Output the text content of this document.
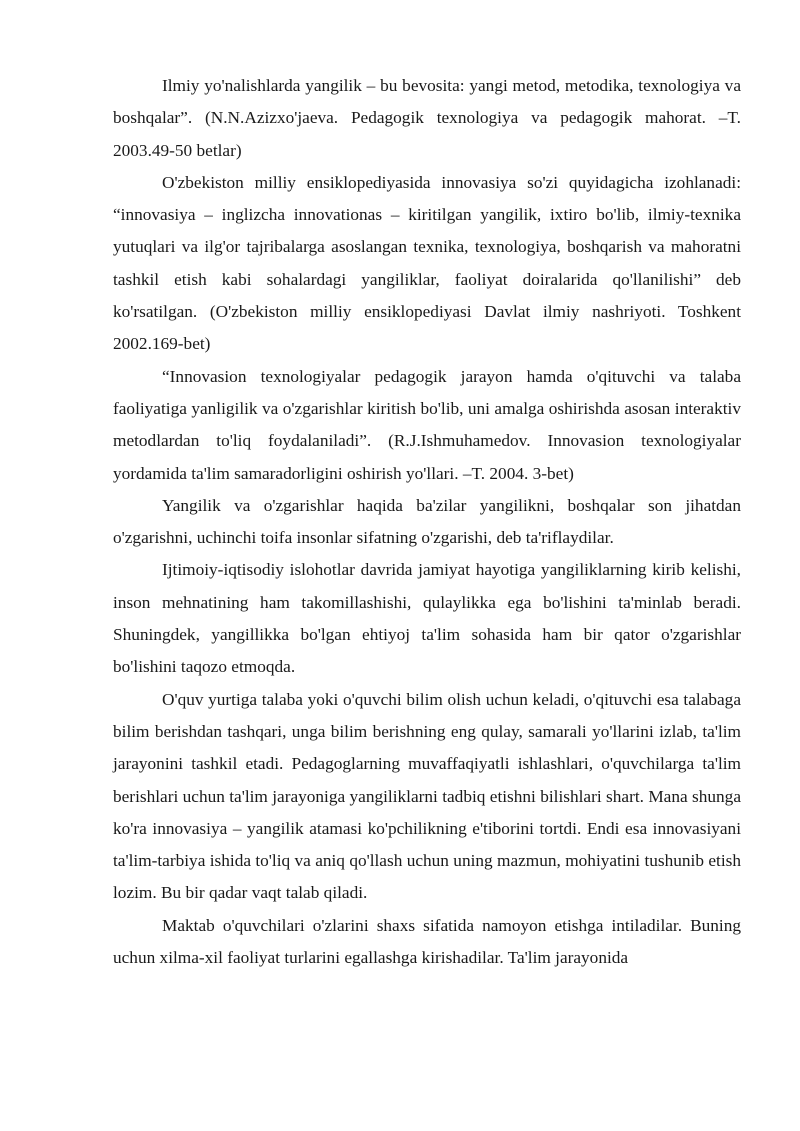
Ilmiy yo'nalishlarda yangilik – bu bevosita: yangi metod, metodika, texnologiya va boshqalar”. (N.N.Azizxo'jaeva. Pedagogik texnologiya va pedagogik mahorat. –T. 2003.49-50 betlar)

O'zbekiston milliy ensiklopediyasida innovasiya so'zi quyidagicha izohlanadi: “innovasiya – inglizcha innovationas – kiritilgan yangilik, ixtiro bo'lib, ilmiy-texnika yutuqlari va ilg'or tajribalarga asoslangan texnika, texnologiya, boshqarish va mahoratni tashkil etish kabi sohalardagi yangiliklar, faoliyat doiralarida qo'llanilishi” deb ko'rsatilgan. (O'zbekiston milliy ensiklopediyasi Davlat ilmiy nashriyoti. Toshkent 2002.169-bet)

“Innovasion texnologiyalar pedagogik jarayon hamda o'qituvchi va talaba faoliyatiga yanligilik va o'zgarishlar kiritish bo'lib, uni amalga oshirishda asosan interaktiv metodlardan to'liq foydalaniladi”. (R.J.Ishmuhamedov. Innovasion texnologiyalar yordamida ta'lim samaradorligini oshirish yo'llari. –T. 2004. 3-bet)

Yangilik va o'zgarishlar haqida ba'zilar yangilikni, boshqalar son jihatdan o'zgarishni, uchinchi toifa insonlar sifatning o'zgarishi, deb ta'riflaydilar.

Ijtimoiy-iqtisodiy islohotlar davrida jamiyat hayotiga yangiliklarning kirib kelishi, inson mehnatining ham takomillashishi, qulaylikka ega bo'lishini ta'minlab beradi. Shuningdek, yangillikka bo'lgan ehtiyoj ta'lim sohasida ham bir qator o'zgarishlar bo'lishini taqozo etmoqda.

O'quv yurtiga talaba yoki o'quvchi bilim olish uchun keladi, o'qituvchi esa talabaga bilim berishdan tashqari, unga bilim berishning eng qulay, samarali yo'llarini izlab, ta'lim jarayonini tashkil etadi. Pedagoglarning muvaffaqiyatli ishlashlari, o'quvchilarga ta'lim berishlari uchun ta'lim jarayoniga yangiliklarni tadbiq etishni bilishlari shart. Mana shunga ko'ra innovasiya – yangilik atamasi ko'pchilikning e'tiborini tortdi. Endi esa innovasiyani ta'lim-tarbiya ishida to'liq va aniq qo'llash uchun uning mazmun, mohiyatini tushunib etish lozim. Bu bir qadar vaqt talab qiladi.

Maktab o'quvchilari o'zlarini shaxs sifatida namoyon etishga intiladilar. Buning uchun xilma-xil faoliyat turlarini egallashga kirishadilar. Ta'lim jarayonida
